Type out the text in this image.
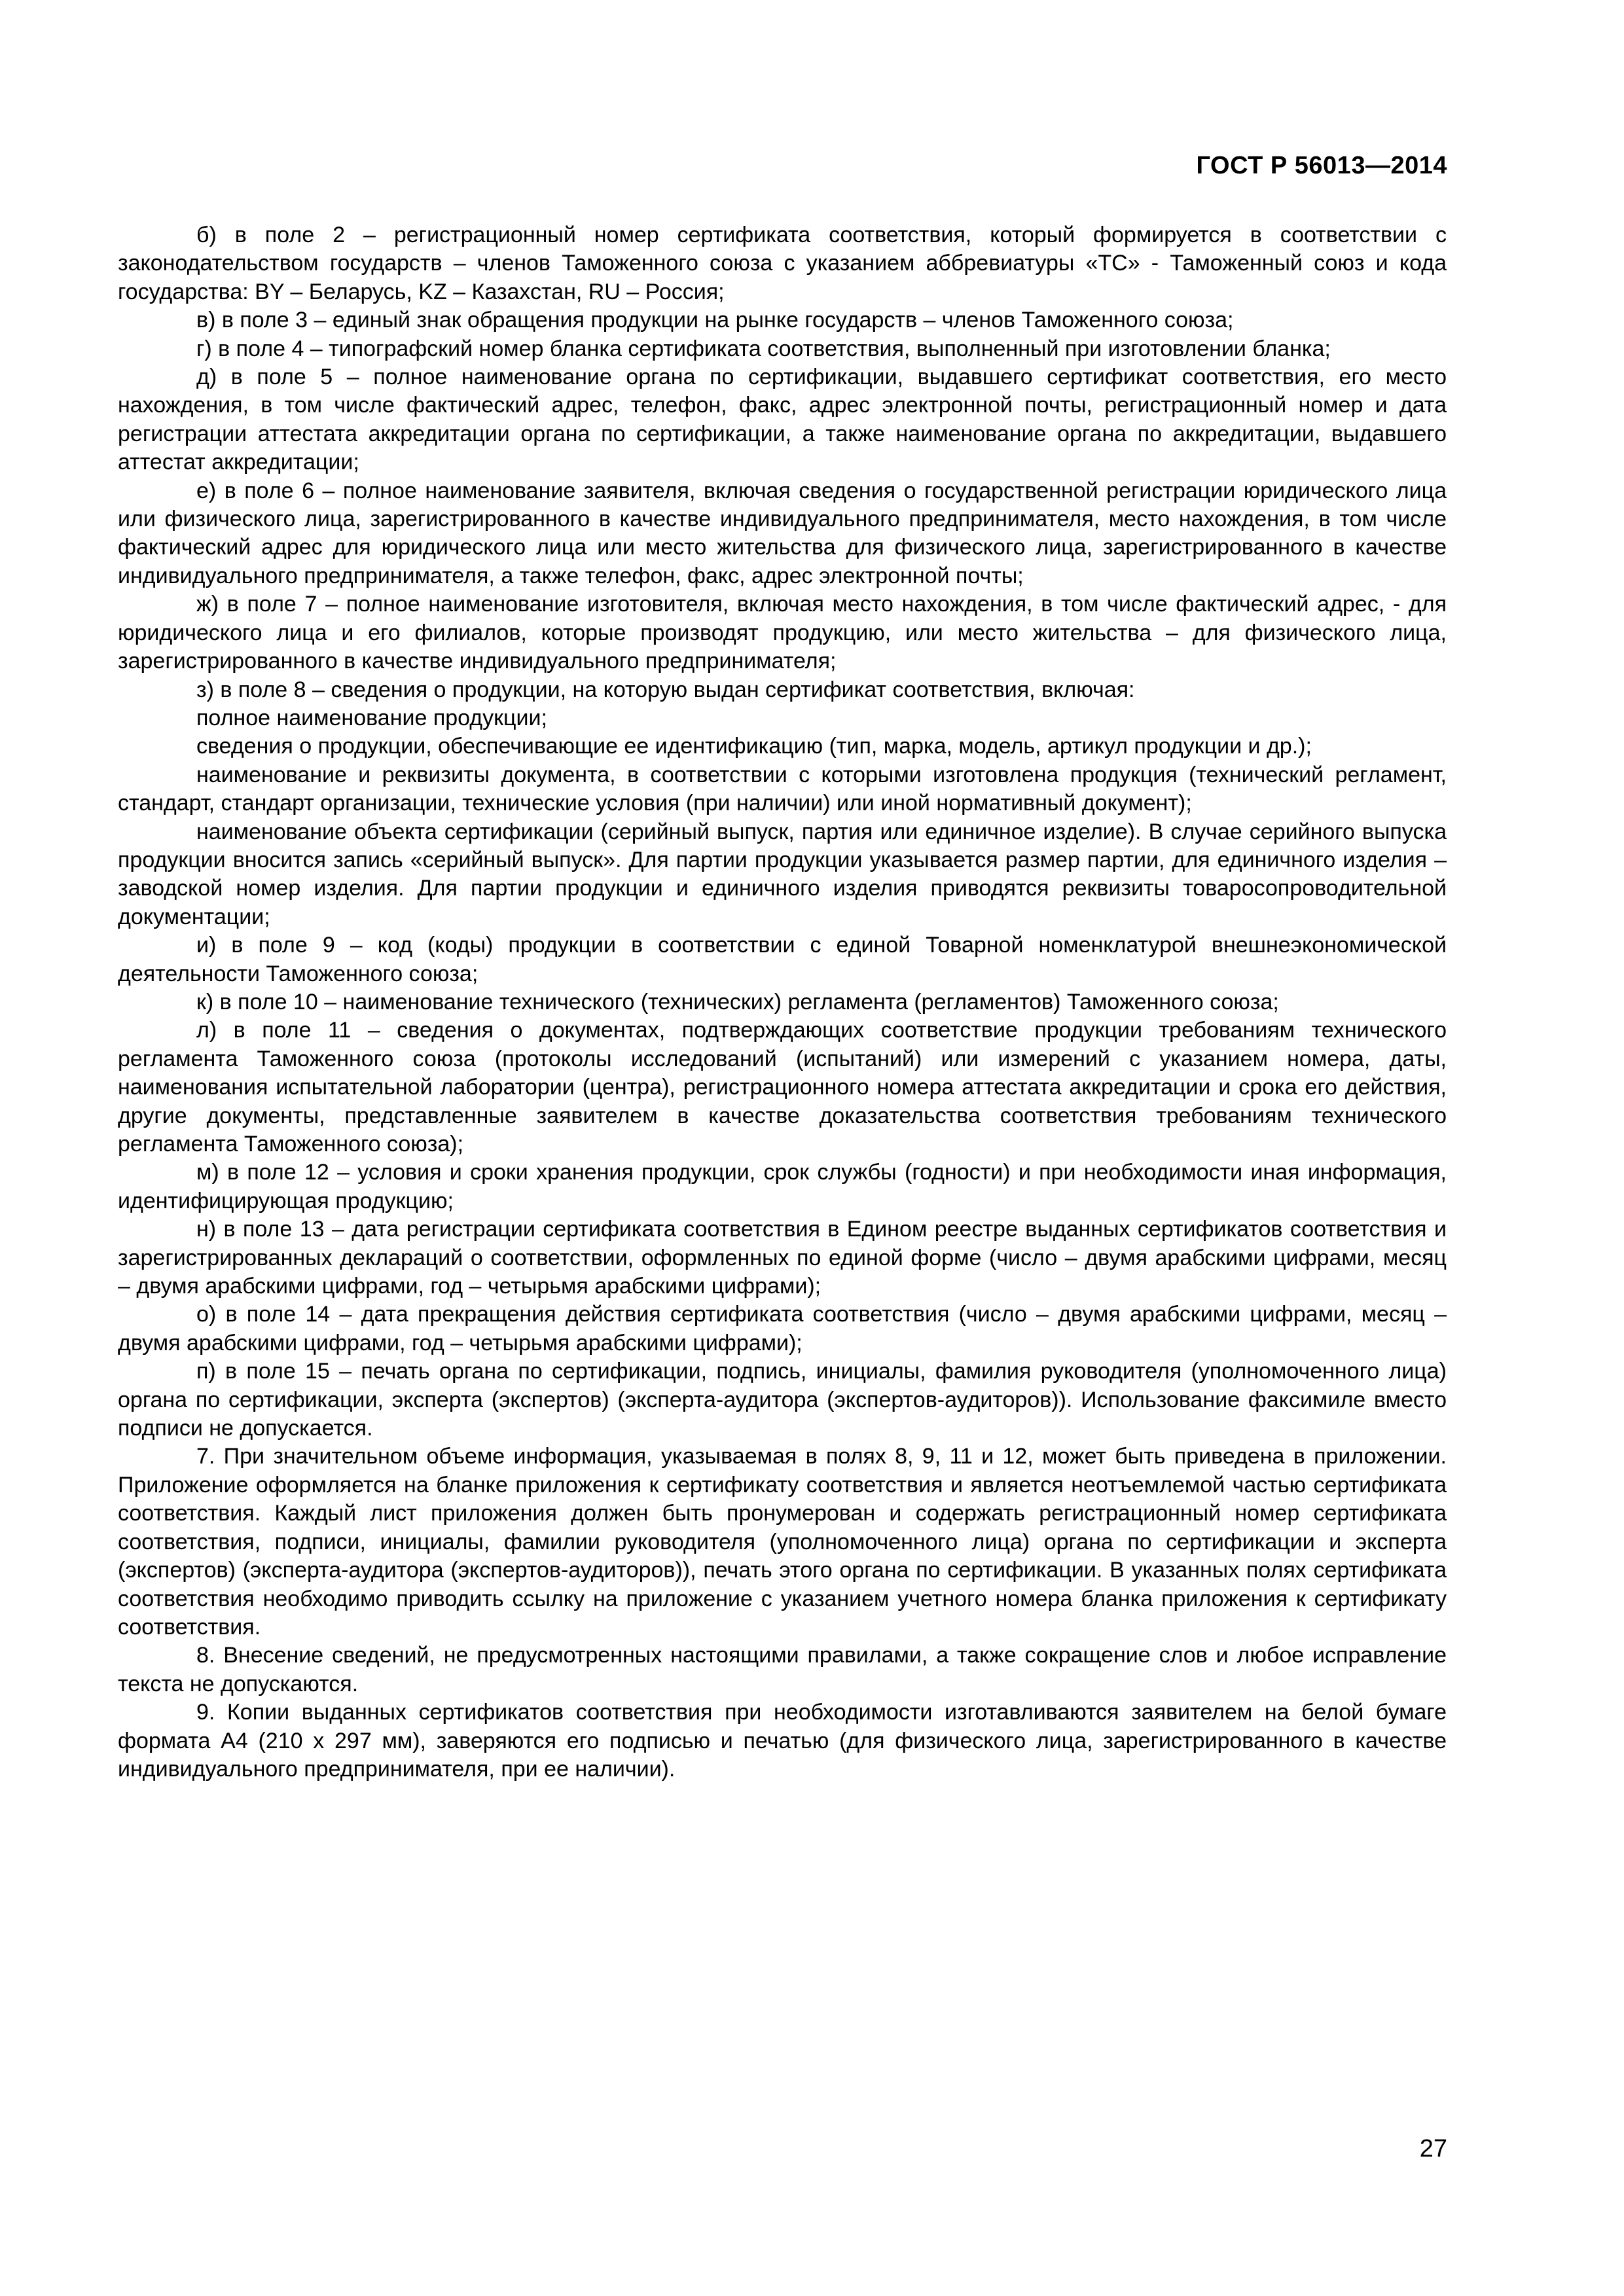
ГОСТ Р 56013—2014

б) в поле 2 – регистрационный номер сертификата соответствия, который формируется в соответствии с законодательством государств – членов Таможенного союза с указанием аббревиатуры «ТС» - Таможенный союз и кода государства: BY – Беларусь, KZ – Казахстан, RU – Россия;

в) в поле 3 – единый знак обращения продукции на рынке государств – членов Таможенного союза;

г) в поле 4 – типографский номер бланка сертификата соответствия, выполненный при изготовлении бланка;

д) в поле 5 – полное наименование органа по сертификации, выдавшего сертификат соответствия, его место нахождения, в том числе фактический адрес, телефон, факс, адрес электронной почты, регистрационный номер и дата регистрации аттестата аккредитации органа по сертификации, а также наименование органа по аккредитации, выдавшего аттестат аккредитации;

е) в поле 6 – полное наименование заявителя, включая сведения о государственной регистрации юридического лица или физического лица, зарегистрированного в качестве индивидуального предпринимателя, место нахождения, в том числе фактический адрес для юридического лица или место жительства для физического лица, зарегистрированного в качестве индивидуального предпринимателя, а также телефон, факс, адрес электронной почты;

ж) в поле 7 – полное наименование изготовителя, включая место нахождения, в том числе фактический адрес, - для юридического лица и его филиалов, которые производят продукцию, или место жительства – для физического лица, зарегистрированного в качестве индивидуального предпринимателя;

з) в поле 8 – сведения о продукции, на которую выдан сертификат соответствия, включая:

полное наименование продукции;

сведения о продукции, обеспечивающие ее идентификацию (тип, марка, модель, артикул продукции и др.);

наименование и реквизиты документа, в соответствии с которыми изготовлена продукция (технический регламент, стандарт, стандарт организации, технические условия (при наличии) или иной нормативный документ);

наименование объекта сертификации (серийный выпуск, партия или единичное изделие). В случае серийного выпуска продукции вносится запись «серийный выпуск». Для партии продукции указывается размер партии, для единичного изделия – заводской номер изделия. Для партии продукции и единичного изделия приводятся реквизиты товаросопроводительной документации;

и) в поле 9 – код (коды) продукции в соответствии с единой Товарной номенклатурой внешнеэкономической деятельности Таможенного союза;

к) в поле 10 – наименование технического (технических) регламента (регламентов) Таможенного союза;

л) в поле 11 – сведения о документах, подтверждающих соответствие продукции требованиям технического регламента Таможенного союза (протоколы исследований (испытаний) или измерений с указанием номера, даты, наименования испытательной лаборатории (центра), регистрационного номера аттестата аккредитации и срока его действия, другие документы, представленные заявителем в качестве доказательства соответствия требованиям технического регламента Таможенного союза);

м) в поле 12 – условия и сроки хранения продукции, срок службы (годности) и при необходимости иная информация, идентифицирующая продукцию;

н) в поле 13 – дата регистрации сертификата соответствия в Едином реестре выданных сертификатов соответствия и зарегистрированных деклараций о соответствии, оформленных по единой форме (число – двумя арабскими цифрами, месяц – двумя арабскими цифрами, год – четырьмя арабскими цифрами);

о) в поле 14 – дата прекращения действия сертификата соответствия (число – двумя арабскими цифрами, месяц – двумя арабскими цифрами, год – четырьмя арабскими цифрами);

п) в поле 15 – печать органа по сертификации, подпись, инициалы, фамилия руководителя (уполномоченного лица) органа по сертификации, эксперта (экспертов) (эксперта-аудитора (экспертов-аудиторов)). Использование факсимиле вместо подписи не допускается.

7. При значительном объеме информация, указываемая в полях 8, 9, 11 и 12, может быть приведена в приложении. Приложение оформляется на бланке приложения к сертификату соответствия и является неотъемлемой частью сертификата соответствия. Каждый лист приложения должен быть пронумерован и содержать регистрационный номер сертификата соответствия, подписи, инициалы, фамилии руководителя (уполномоченного лица) органа по сертификации и эксперта (экспертов) (эксперта-аудитора (экспертов-аудиторов)), печать этого органа по сертификации. В указанных полях сертификата соответствия необходимо приводить ссылку на приложение с указанием учетного номера бланка приложения к сертификату соответствия.

8. Внесение сведений, не предусмотренных настоящими правилами, а также сокращение слов и любое исправление текста не допускаются.

9. Копии выданных сертификатов соответствия при необходимости изготавливаются заявителем на белой бумаге формата А4 (210 x 297 мм), заверяются его подписью и печатью (для физического лица, зарегистрированного в качестве индивидуального предпринимателя, при ее наличии).

27
